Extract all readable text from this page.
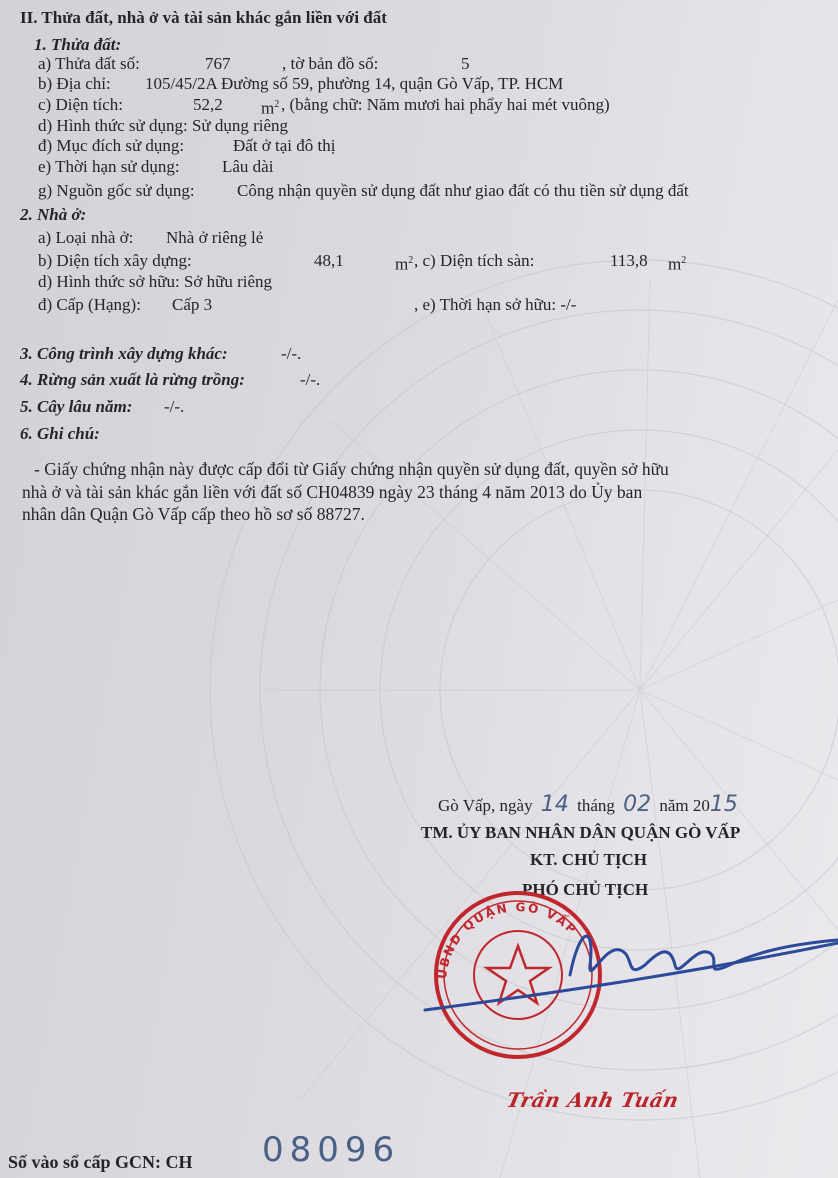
II. Thửa đất, nhà ở và tài sản khác gắn liền với đất
1. Thửa đất:
a) Thửa đất số:	767	, tờ bản đồ số:	5
b) Địa chỉ: 105/45/2A Đường số 59, phường 14, quận Gò Vấp, TP. HCM
c) Diện tích:	52,2 $m^2$ , (bằng chữ: Năm mươi hai phẩy hai mét vuông)
d) Hình thức sử dụng: Sử dụng riêng
đ) Mục đích sử dụng:	Đất ở tại đô thị
e) Thời hạn sử dụng: Lâu dài
g) Nguồn gốc sử dụng: Công nhận quyền sử dụng đất như giao đất có thu tiền sử dụng đất
2. Nhà ở:
a) Loại nhà ở: Nhà ở riêng lẻ
b) Diện tích xây dựng:	48,1	$m^2$ , c) Diện tích sàn:	113,8 $m^2$
d) Hình thức sở hữu: Sở hữu riêng
đ) Cấp (Hạng): Cấp 3	, e) Thời hạn sở hữu: -/-
3. Công trình xây dựng khác:	-/-.
4. Rừng sản xuất là rừng trồng:	-/-.
5. Cây lâu năm: -/-.
6. Ghi chú:
- Giấy chứng nhận này được cấp đổi từ Giấy chứng nhận quyền sử dụng đất, quyền sở hữu
nhà ở và tài sản khác gắn liền với đất số CH04839 ngày 23 tháng 4 năm 2013 do Ủy ban
nhân dân Quận Gò Vấp cấp theo hồ sơ số 88727.
Gò Vấp, ngày 14 tháng 02 năm 2015
TM. ỦY BAN NHÂN DÂN QUẬN GÒ VẤP
KT. CHỦ TỊCH
PHÓ CHỦ TỊCH
UBND QUẬN GÒ VẤP
Trần Anh Tuấn
Số vào sổ cấp GCN: CH 08096
